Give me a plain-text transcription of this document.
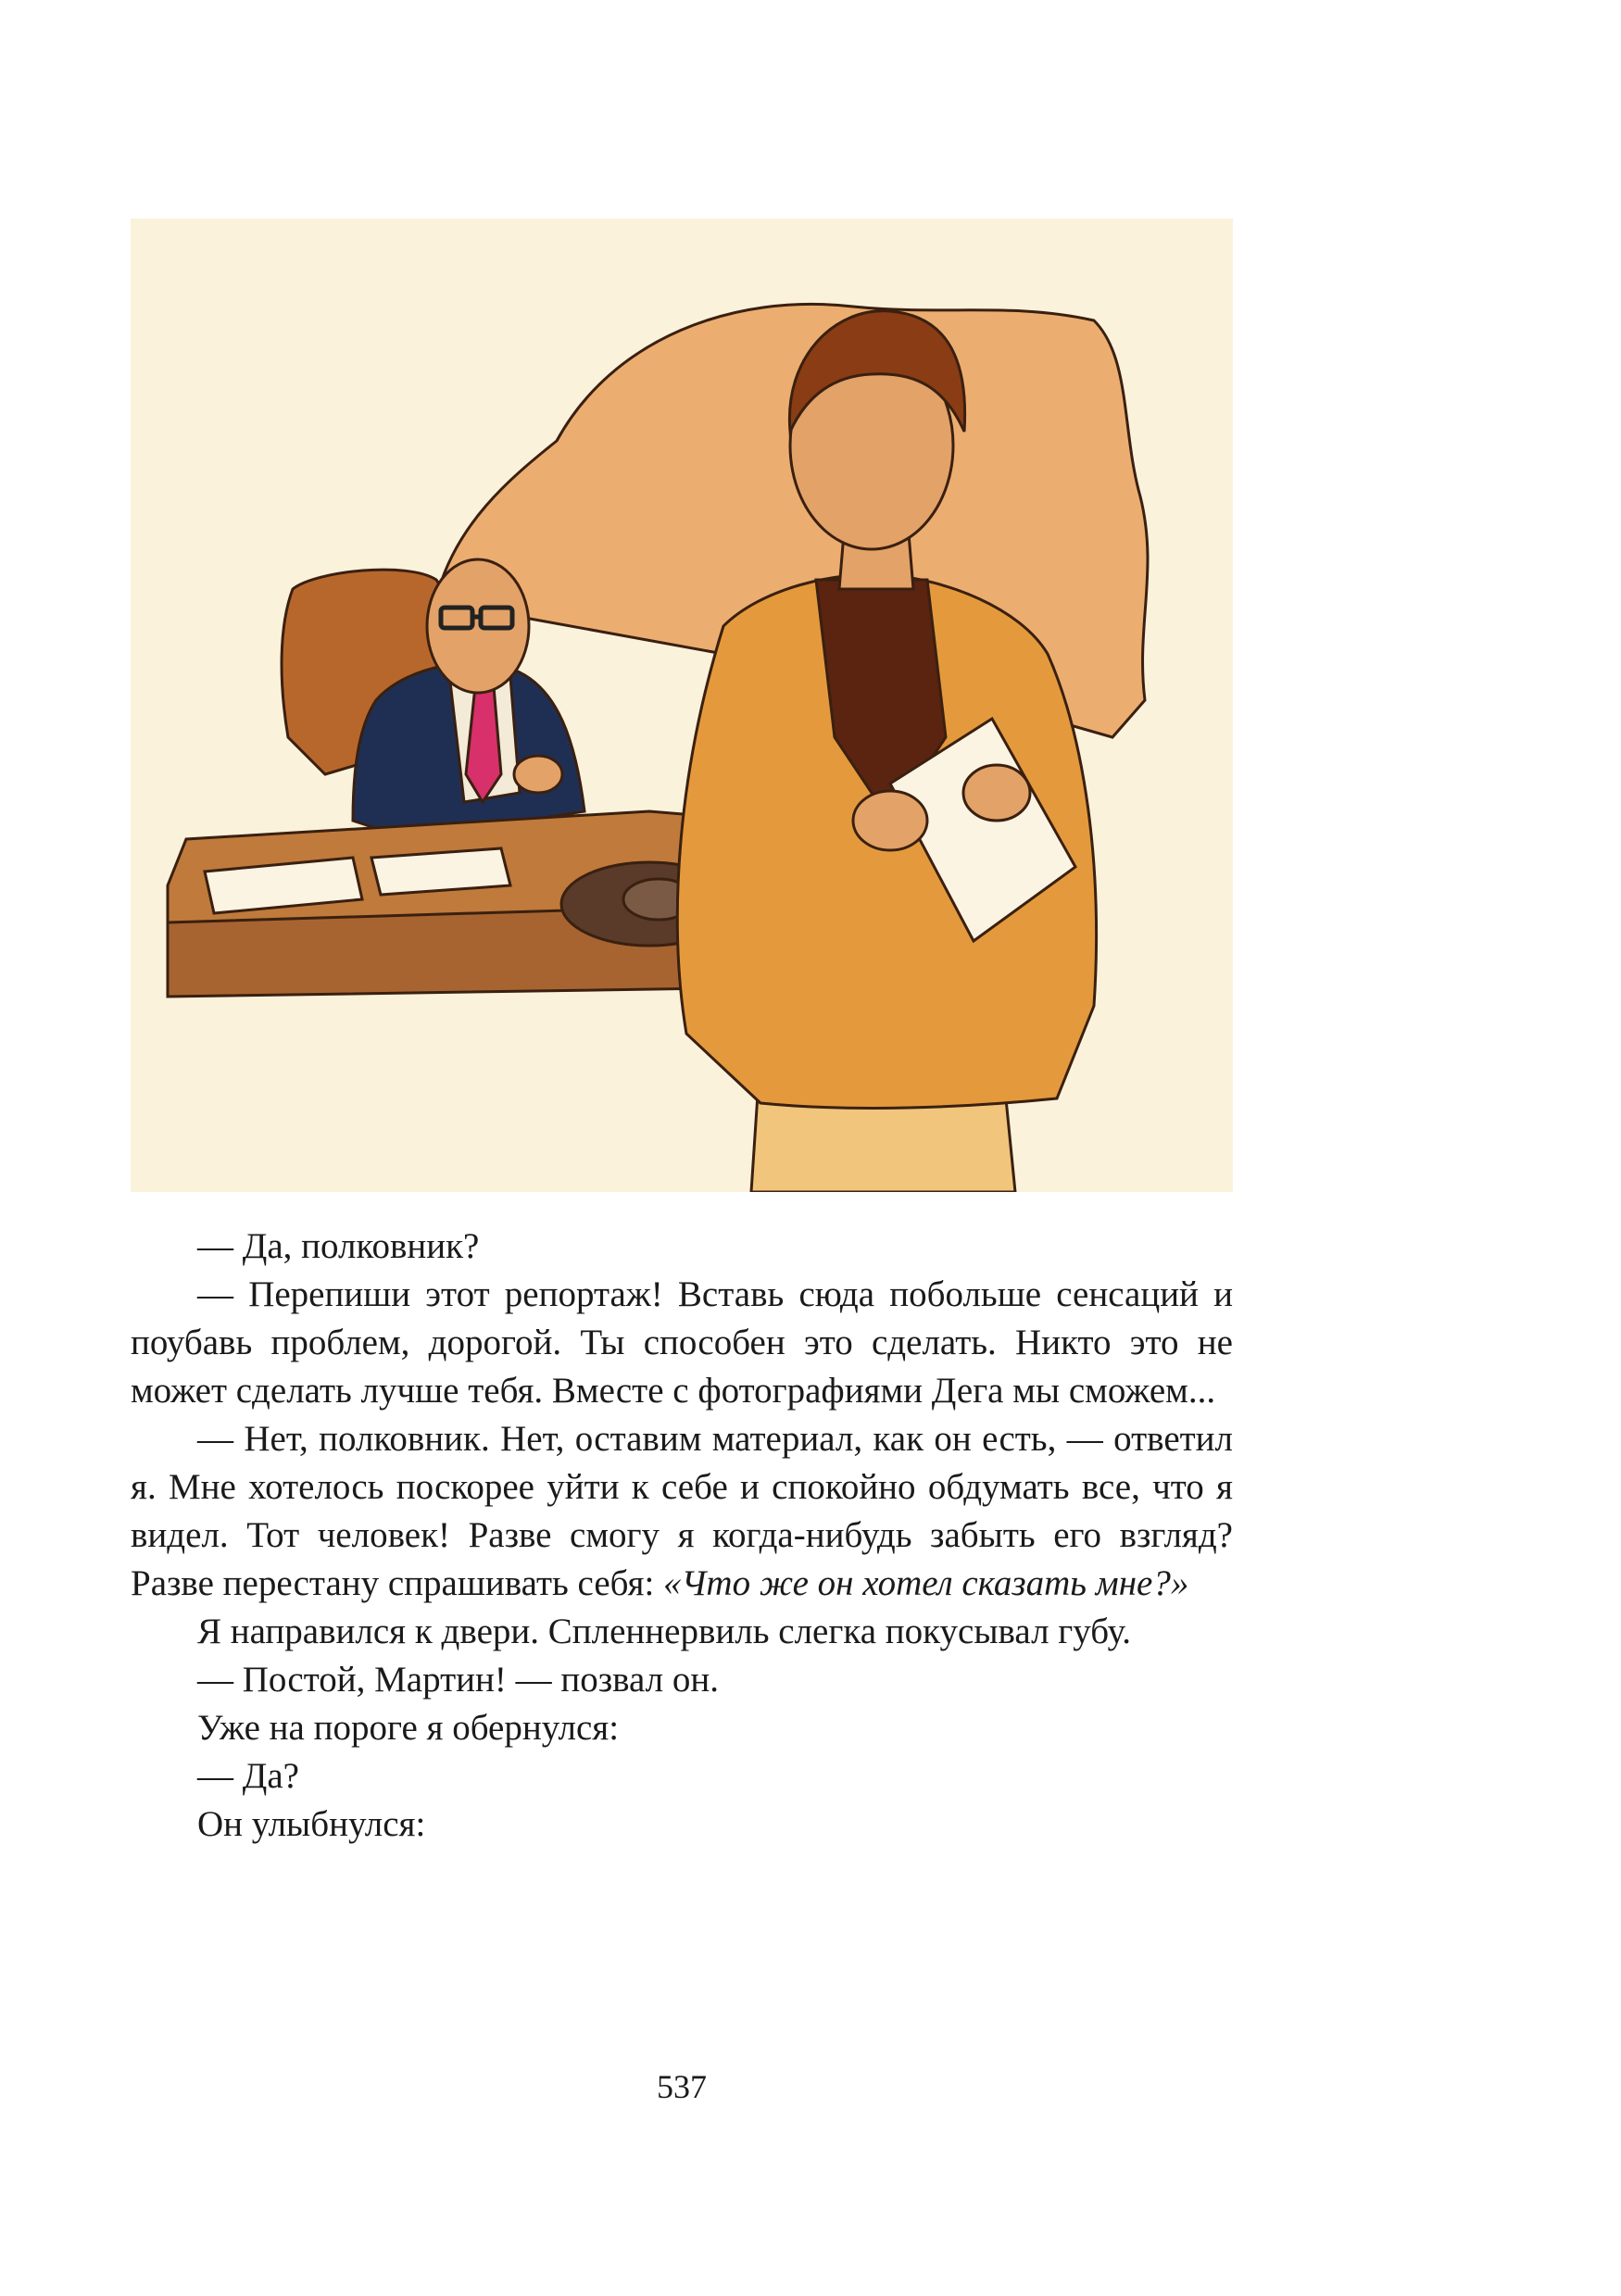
— Да, полковник?

— Перепиши этот репортаж! Вставь сюда побольше сенсаций и поубавь проблем, дорогой. Ты способен это сделать. Никто это не может сделать лучше тебя. Вместе с фотографиями Дега мы сможем...

— Нет, полковник. Нет, оставим материал, как он есть, — ответил я. Мне хотелось поскорее уйти к себе и спокойно обдумать все, что я видел. Тот человек! Разве смогу я когда-нибудь забыть его взгляд? Разве перестану спрашивать себя: «Что же он хотел сказать мне?»

Я направился к двери. Спленнервиль слегка покусывал губу.

— Постой, Мартин! — позвал он.

Уже на пороге я обернулся:

— Да?

Он улыбнулся:

537
